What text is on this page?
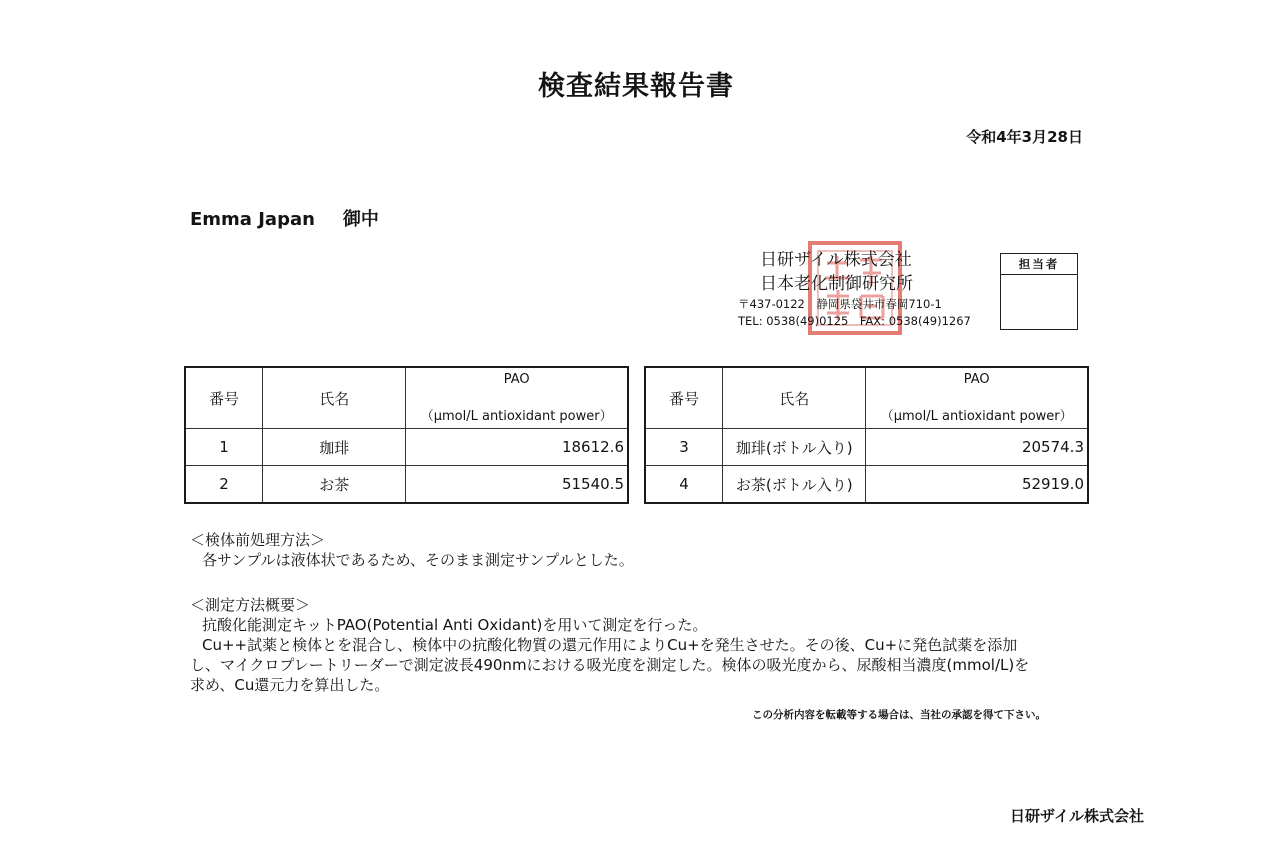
検査結果報告書
令和4年3月28日
Emma Japan 御中
日研ザイル株式会社
日本老化制御研究所
〒437-0122　静岡県袋井市春岡710-1
TEL: 0538(49)0125　FAX: 0538(49)1267
担当者
番号	氏名	PAO
（μmol/L antioxidant power）

1	珈琲	18612.6
2	お茶	51540.5
番号	氏名	PAO
（μmol/L antioxidant power）

3	珈琲(ボトル入り)	20574.3
4	お茶(ボトル入り)	52919.0
＜検体前処理方法＞
各サンプルは液体状であるため、そのまま測定サンプルとした。
＜測定方法概要＞
抗酸化能測定キットPAO(Potential Anti Oxidant)を用いて測定を行った。
Cu++試薬と検体とを混合し、検体中の抗酸化物質の還元作用によりCu+を発生させた。その後、Cu+に発色試薬を添加
し、マイクロプレートリーダーで測定波長490nmにおける吸光度を測定した。検体の吸光度から、尿酸相当濃度(mmol/L)を
求め、Cu還元力を算出した。
この分析内容を転載等する場合は、当社の承認を得て下さい。
日研ザイル株式会社
